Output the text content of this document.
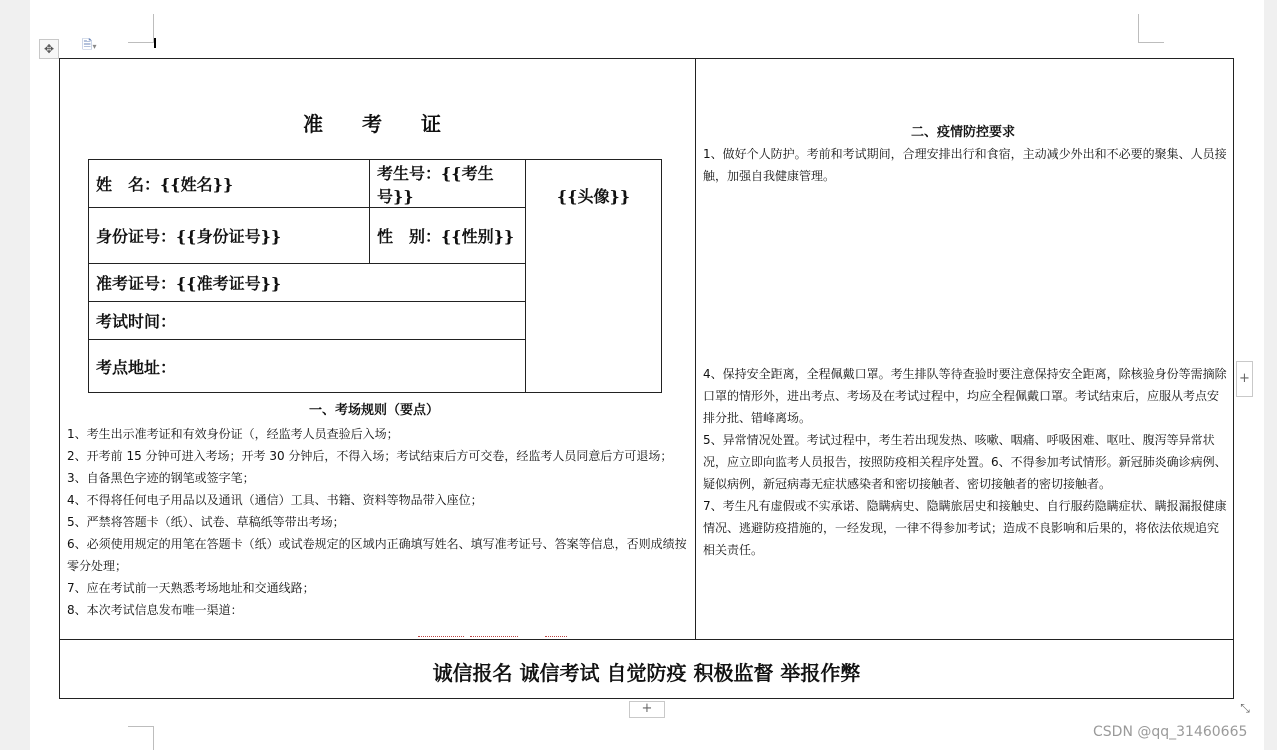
✥	🗎▾
准 考 证
姓　名：{{姓名}}	考生号：{{考生号}}	{{头像}}
身份证号：{{身份证号}}	性　别：{{性别}}	
准考证号：{{准考证号}}		
考试时间：		
考点地址：		
一、考场规则（要点）

1、考生出示准考证和有效身份证（，经监考人员查验后入场；

2、开考前 15 分钟可进入考场；开考 30 分钟后，不得入场；考试结束后方可交卷，经监考人员同意后方可退场；

3、自备黑色字迹的钢笔或签字笔；

4、不得将任何电子用品以及通讯（通信）工具、书籍、资料等物品带入座位；

5、严禁将答题卡（纸）、试卷、草稿纸等带出考场；

6、必须使用规定的用笔在答题卡（纸）或试卷规定的区域内正确填写姓名、填写准考证号、答案等信息，否则成绩按零分处理；

7、应在考试前一天熟悉考场地址和交通线路；

8、本次考试信息发布唯一渠道：

二、疫情防控要求

1、做好个人防护。考前和考试期间，合理安排出行和食宿，主动减少外出和不必要的聚集、人员接触，加强自我健康管理。

4、保持安全距离，全程佩戴口罩。考生排队等待查验时要注意保持安全距离，除核验身份等需摘除口罩的情形外，进出考点、考场及在考试过程中，均应全程佩戴口罩。考试结束后，应服从考点安排分批、错峰离场。

5、异常情况处置。考试过程中，考生若出现发热、咳嗽、咽痛、呼吸困难、呕吐、腹泻等异常状况，应立即向监考人员报告，按照防疫相关程序处置。6、不得参加考试情形。新冠肺炎确诊病例、疑似病例，新冠病毒无症状感染者和密切接触者、密切接触者的密切接触者。

7、考生凡有虚假或不实承诺、隐瞒病史、隐瞒旅居史和接触史、自行服药隐瞒症状、瞒报漏报健康情况、逃避防疫措施的，一经发现，一律不得参加考试；造成不良影响和后果的，将依法依规追究相关责任。

诚信报名 诚信考试 自觉防疫 积极监督 举报作弊
+
+
⤡
CSDN @qq_31460665
